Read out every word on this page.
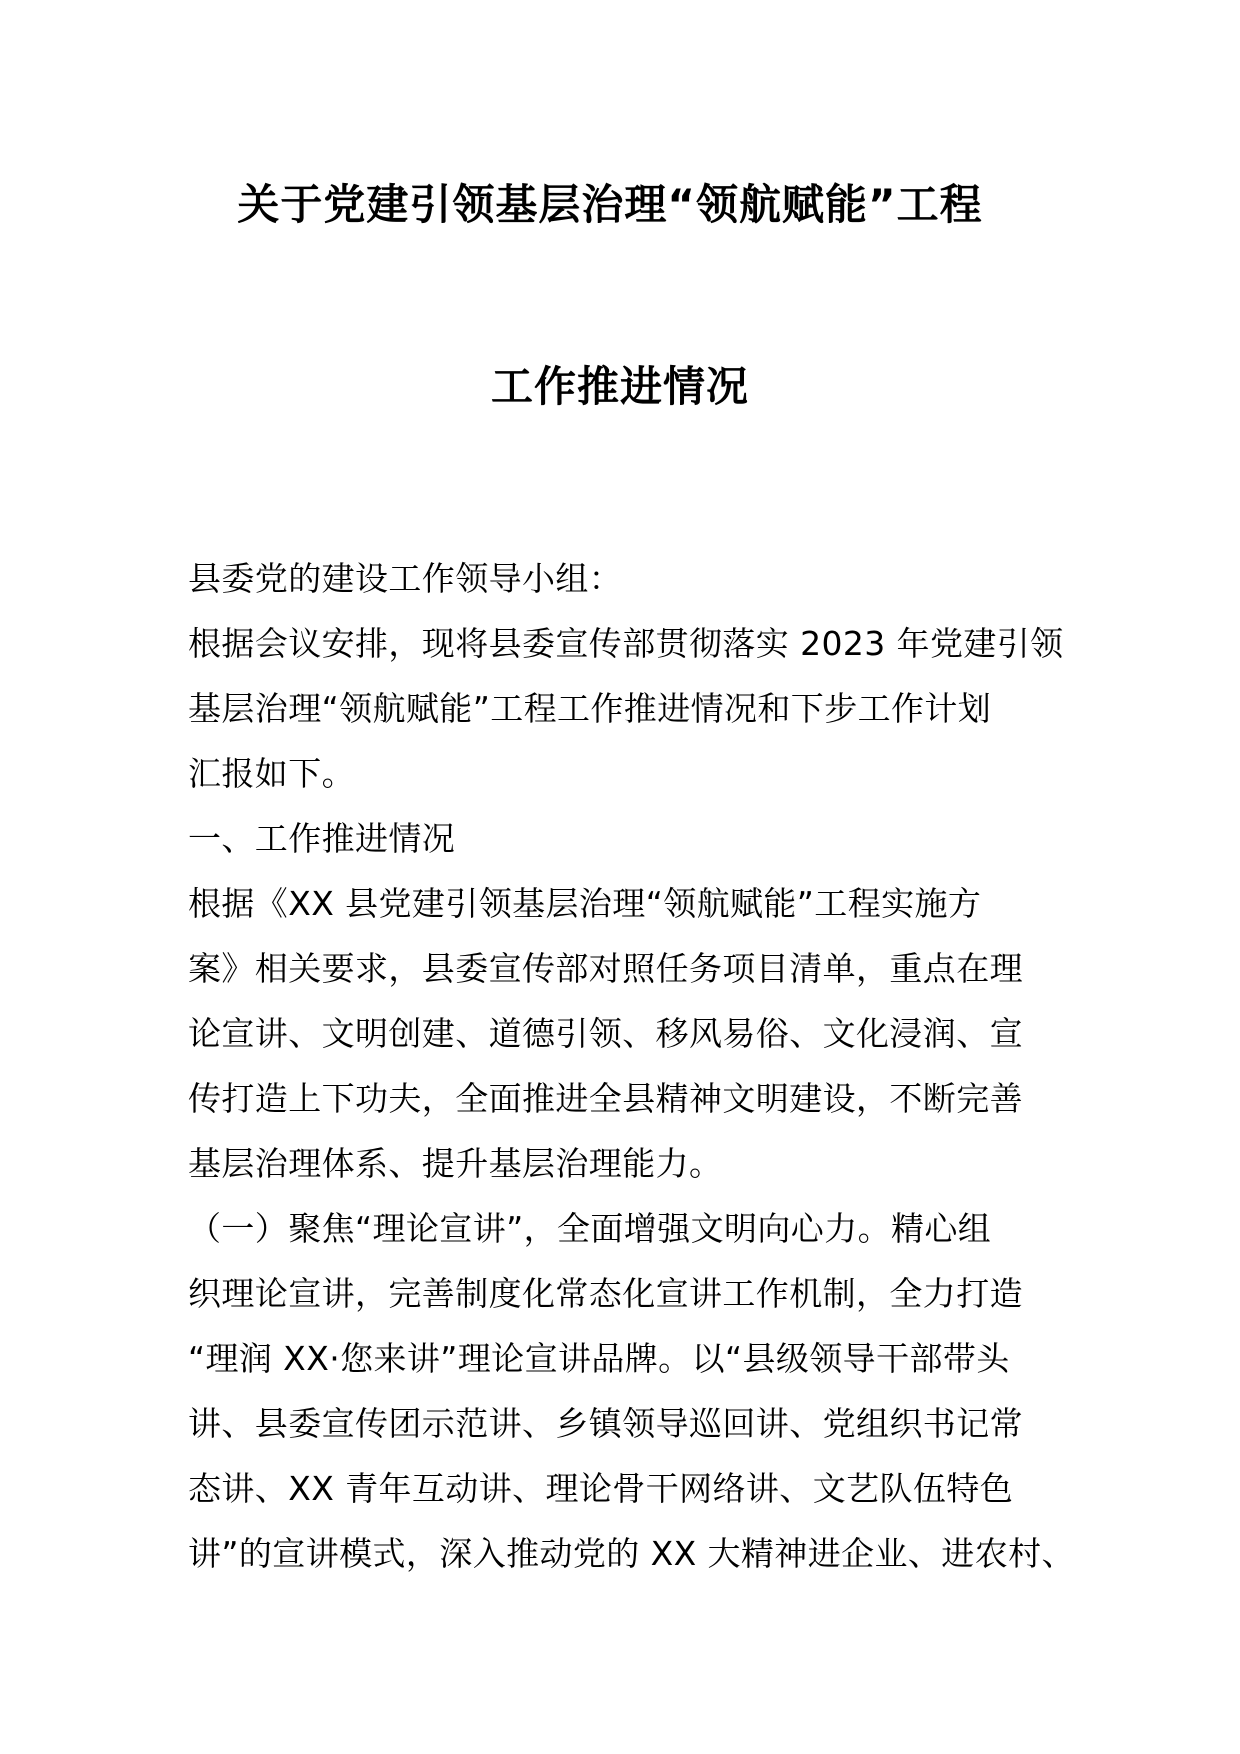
关于党建引领基层治理“领航赋能”工程
工作推进情况
县委党的建设工作领导小组：
根据会议安排，现将县委宣传部贯彻落实 2023 年党建引领
基层治理“领航赋能”工程工作推进情况和下步工作计划
汇报如下。
一、工作推进情况
根据《XX 县党建引领基层治理“领航赋能”工程实施方
案》相关要求，县委宣传部对照任务项目清单，重点在理
论宣讲、文明创建、道德引领、移风易俗、文化浸润、宣
传打造上下功夫，全面推进全县精神文明建设，不断完善
基层治理体系、提升基层治理能力。
（一）聚焦“理论宣讲”，全面增强文明向心力。精心组
织理论宣讲，完善制度化常态化宣讲工作机制，全力打造
“理润 XX·您来讲”理论宣讲品牌。以“县级领导干部带头
讲、县委宣传团示范讲、乡镇领导巡回讲、党组织书记常
态讲、XX 青年互动讲、理论骨干网络讲、文艺队伍特色
讲”的宣讲模式，深入推动党的 XX 大精神进企业、进农村、
